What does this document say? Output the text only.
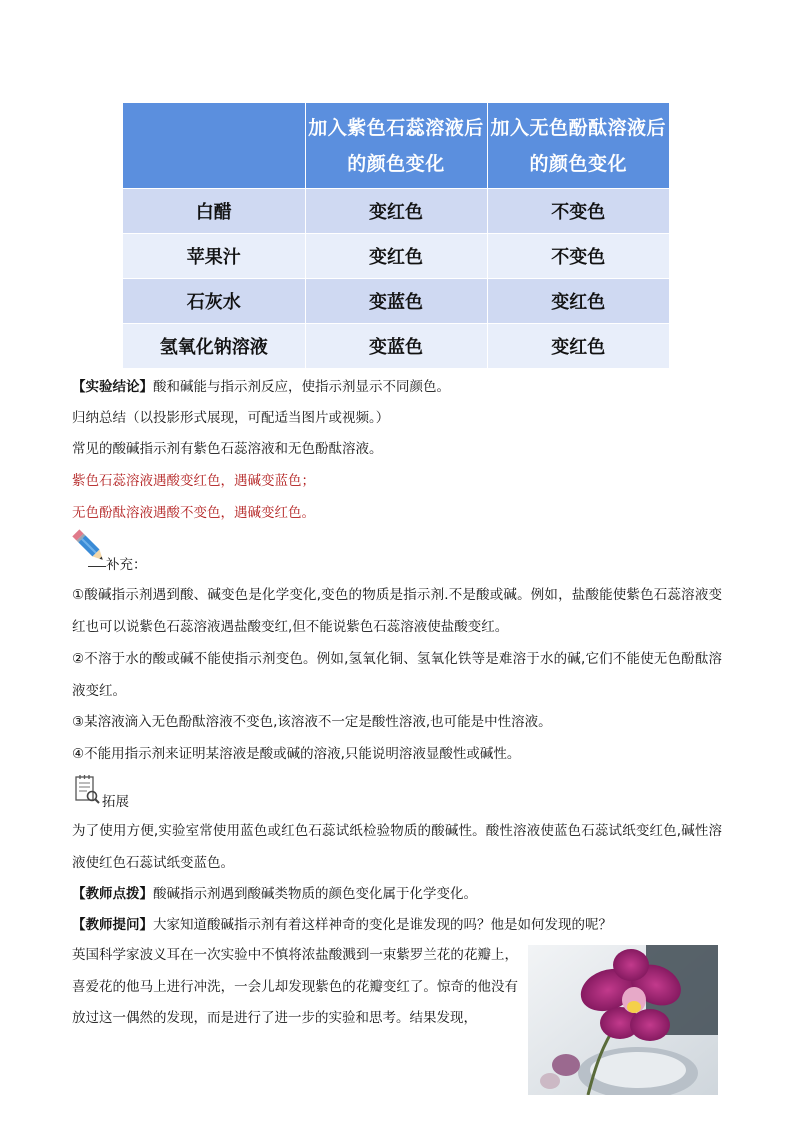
	加入紫色石蕊溶液后的颜色变化	加入无色酚酞溶液后的颜色变化
白醋	变红色	不变色
苹果汁	变红色	不变色
石灰水	变蓝色	变红色
氢氧化钠溶液	变蓝色	变红色
【实验结论】酸和碱能与指示剂反应，使指示剂显示不同颜色。
归纳总结（以投影形式展现，可配适当图片或视频。）
常见的酸碱指示剂有紫色石蕊溶液和无色酚酞溶液。
紫色石蕊溶液遇酸变红色，遇碱变蓝色；
无色酚酞溶液遇酸不变色，遇碱变红色。
补充：
①酸碱指示剂遇到酸、碱变色是化学变化,变色的物质是指示剂.不是酸或碱。例如，盐酸能使紫色石蕊溶液变红也可以说紫色石蕊溶液遇盐酸变红,但不能说紫色石蕊溶液使盐酸变红。
②不溶于水的酸或碱不能使指示剂变色。例如,氢氧化铜、氢氧化铁等是难溶于水的碱,它们不能使无色酚酞溶液变红。
③某溶液滴入无色酚酞溶液不变色,该溶液不一定是酸性溶液,也可能是中性溶液。
④不能用指示剂来证明某溶液是酸或碱的溶液,只能说明溶液显酸性或碱性。
拓展
为了使用方便,实验室常使用蓝色或红色石蕊试纸检验物质的酸碱性。酸性溶液使蓝色石蕊试纸变红色,碱性溶液使红色石蕊试纸变蓝色。
【教师点拨】酸碱指示剂遇到酸碱类物质的颜色变化属于化学变化。
【教师提问】大家知道酸碱指示剂有着这样神奇的变化是谁发现的吗？他是如何发现的呢？
英国科学家波义耳在一次实验中不慎将浓盐酸溅到一束紫罗兰花的花瓣上，喜爱花的他马上进行冲洗，一会儿却发现紫色的花瓣变红了。惊奇的他没有放过这一偶然的发现，而是进行了进一步的实验和思考。结果发现，
